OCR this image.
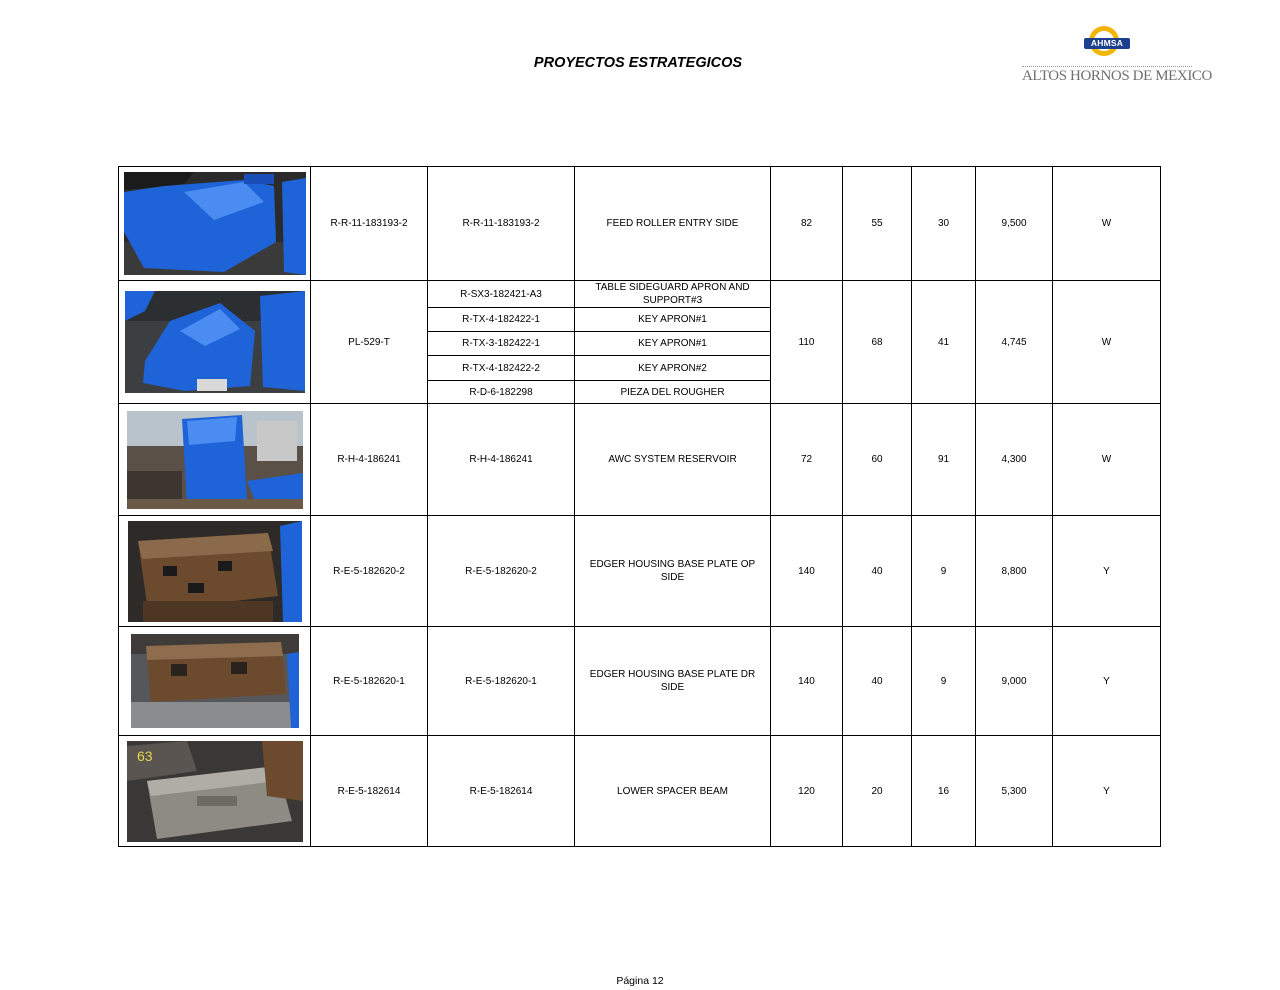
PROYECTOS ESTRATEGICOS
AHMSA
ALTOS HORNOS DE MEXICO
	R-R-11-183193-2	R-R-11-183193-2	FEED ROLLER ENTRY SIDE	82	55	30	9,500	W

	PL-529-T	R-SX3-182421-A3	TABLE SIDEGUARD APRON AND SUPPORT#3	110	68	41	4,745	W
		R-TX-4-182422-1	KEY APRON#1					
		R-TX-3-182422-1	KEY APRON#1					
		R-TX-4-182422-2	KEY APRON#2					
		R-D-6-182298	PIEZA DEL ROUGHER					

	R-H-4-186241	R-H-4-186241	AWC SYSTEM RESERVOIR	72	60	91	4,300	W

	R-E-5-182620-2	R-E-5-182620-2	EDGER HOUSING BASE PLATE OP SIDE	140	40	9	8,800	Y

	R-E-5-182620-1	R-E-5-182620-1	EDGER HOUSING BASE PLATE DR SIDE	140	40	9	9,000	Y

63	R-E-5-182614	R-E-5-182614	LOWER SPACER BEAM	120	20	16	5,300	Y
Página 12
